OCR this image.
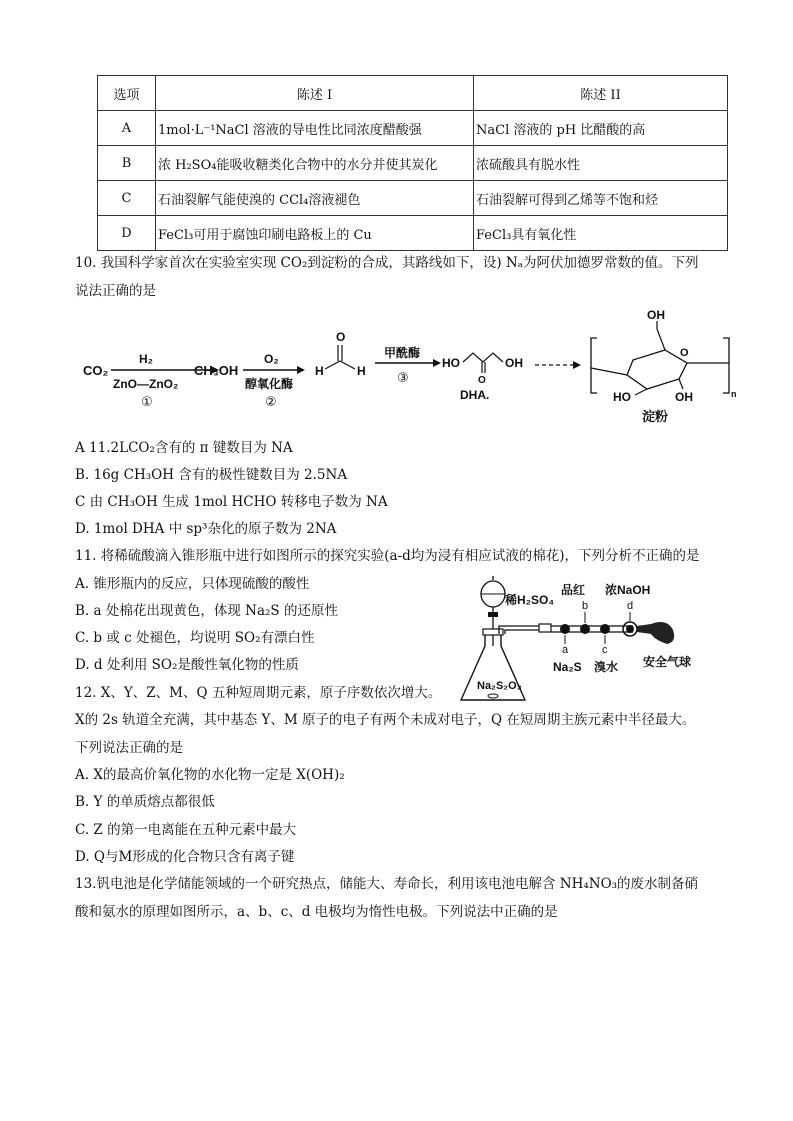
选项	陈述 I	陈述 II
A	1mol·L⁻¹NaCl 溶液的导电性比同浓度醋酸强	NaCl 溶液的 pH 比醋酸的高
B	浓 H₂SO₄能吸收糖类化合物中的水分并使其炭化	浓硫酸具有脱水性
C	石油裂解气能使溴的 CCl₄溶液褪色	石油裂解可得到乙烯等不饱和烃
D	FeCl₃可用于腐蚀印刷电路板上的 Cu	FeCl₃具有氧化性
10. 我国科学家首次在实验室实现 CO₂到淀粉的合成，其路线如下，设) Nₐ为阿伏加德罗常数的值。下列
说法正确的是
CO₂
H₂
ZnO—ZnO₂
①
CH₃OH
O₂
醇氧化酶
②
O
H	H
甲酰酶
③
HO
O
OH
DHA.	n
OH
O
HO	OH
淀粉
A 11.2LCO₂含有的 π 键数目为 NA
B. 16g CH₃OH 含有的极性键数目为 2.5NA
C 由 CH₃OH 生成 1mol HCHO 转移电子数为 NA
D. 1mol DHA 中 sp³杂化的原子数为 2NA
11. 将稀硫酸滴入锥形瓶中进行如图所示的探究实验(a-d均为浸有相应试液的棉花)，下列分析不正确的是
A. 锥形瓶内的反应，只体现硫酸的酸性
B. a 处棉花出现黄色，体现 Na₂S 的还原性
C. b 或 c 处褪色，均说明 SO₂有漂白性
D. d 处利用 SO₂是酸性氧化物的性质
稀H₂SO₄
Na₂S₂O₃
品红 浓NaOH
b	d
a	c
Na₂S 溴水 安全气球
12. X、Y、Z、M、Q 五种短周期元素，原子序数依次增大。
X的 2s 轨道全充满，其中基态 Y、M 原子的电子有两个未成对电子，Q 在短周期主族元素中半径最大。
下列说法正确的是
A. X的最高价氧化物的水化物一定是 X(OH)₂
B. Y 的单质熔点都很低
C. Z 的第一电离能在五种元素中最大
D. Q与M形成的化合物只含有离子键
13.钒电池是化学储能领域的一个研究热点，储能大、寿命长，利用该电池电解含 NH₄NO₃的废水制备硝
酸和氨水的原理如图所示，a、b、c、d 电极均为惰性电极。下列说法中正确的是
